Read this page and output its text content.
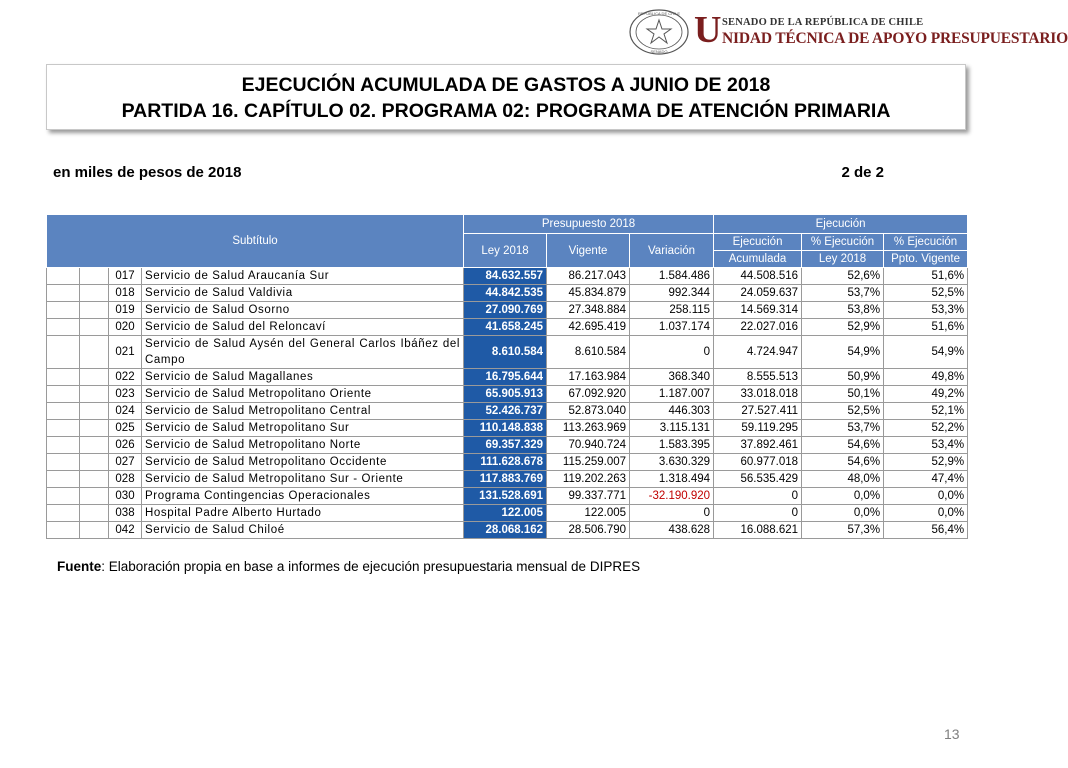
REPÚBLICA DE CHILE
SENADO
U SENADO DE LA REPÚBLICA DE CHILE
NIDAD TÉCNICA DE APOYO PRESUPUESTARIO
EJECUCIÓN ACUMULADA DE GASTOS A JUNIO DE 2018
PARTIDA 16. CAPÍTULO 02. PROGRAMA 02: PROGRAMA DE ATENCIÓN PRIMARIA
en miles de pesos de 2018	2 de 2
Subtítulo				Presupuesto 2018			Ejecución		
				Ley 2018	Vigente	Variación	Ejecución	% Ejecución	% Ejecución
							Acumulada	Ley 2018	Ppto. Vigente
		017	Servicio de Salud Araucanía Sur	84.632.557	86.217.043	1.584.486	44.508.516	52,6%	51,6%
		018	Servicio de Salud Valdivia	44.842.535	45.834.879	992.344	24.059.637	53,7%	52,5%
		019	Servicio de Salud Osorno	27.090.769	27.348.884	258.115	14.569.314	53,8%	53,3%
		020	Servicio de Salud del Reloncaví	41.658.245	42.695.419	1.037.174	22.027.016	52,9%	51,6%
		021	Servicio de Salud Aysén del General Carlos Ibáñez del Campo	8.610.584	8.610.584	0	4.724.947	54,9%	54,9%
		022	Servicio de Salud Magallanes	16.795.644	17.163.984	368.340	8.555.513	50,9%	49,8%
		023	Servicio de Salud Metropolitano Oriente	65.905.913	67.092.920	1.187.007	33.018.018	50,1%	49,2%
		024	Servicio de Salud Metropolitano Central	52.426.737	52.873.040	446.303	27.527.411	52,5%	52,1%
		025	Servicio de Salud Metropolitano Sur	110.148.838	113.263.969	3.115.131	59.119.295	53,7%	52,2%
		026	Servicio de Salud Metropolitano Norte	69.357.329	70.940.724	1.583.395	37.892.461	54,6%	53,4%
		027	Servicio de Salud Metropolitano Occidente	111.628.678	115.259.007	3.630.329	60.977.018	54,6%	52,9%
		028	Servicio de Salud Metropolitano Sur - Oriente	117.883.769	119.202.263	1.318.494	56.535.429	48,0%	47,4%
		030	Programa Contingencias Operacionales	131.528.691	99.337.771	-32.190.920	0	0,0%	0,0%
		038	Hospital Padre Alberto Hurtado	122.005	122.005	0	0	0,0%	0,0%
		042	Servicio de Salud Chiloé	28.068.162	28.506.790	438.628	16.088.621	57,3%	56,4%
Fuente: Elaboración propia en base a informes de ejecución presupuestaria mensual de DIPRES
13
